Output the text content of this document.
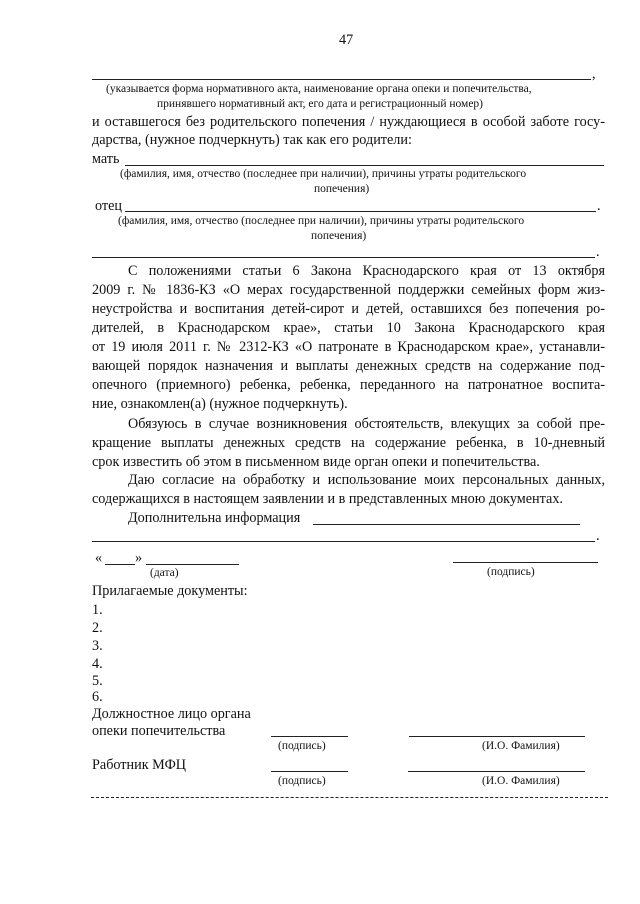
47
,
(указывается форма нормативного акта, наименование органа опеки и попечительства,
принявшего нормативный акт, его дата и регистрационный номер)
и оставшегося без родительского попечения / нуждающиеся в особой заботе госу-
дарства, (нужное подчеркнуть) так как его родители:
мать
(фамилия, имя, отчество (последнее при наличии), причины утраты родительского
попечения)
отец	.
(фамилия, имя, отчество (последнее при наличии), причины утраты родительского
попечения)
.
С положениями статьи 6 Закона Краснодарского края от 13 октября
2009 г. № 1836-КЗ «О мерах государственной поддержки семейных форм жиз-
неустройства и воспитания детей-сирот и детей, оставшихся без попечения ро-
дителей, в Краснодарском крае», статьи 10 Закона Краснодарского края
от 19 июля 2011 г. № 2312-КЗ «О патронате в Краснодарском крае», устанавли-
вающей порядок назначения и выплаты денежных средств на содержание под-
опечного (приемного) ребенка, ребенка, переданного на патронатное воспита-
ние, ознакомлен(а) (нужное подчеркнуть).
Обязуюсь в случае возникновения обстоятельств, влекущих за собой пре-
кращение выплаты денежных средств на содержание ребенка, в 10-дневный
срок известить об этом в письменном виде орган опеки и попечительства.
Даю согласие на обработку и использование моих персональных данных,
содержащихся в настоящем заявлении и в представленных мною документах.
Дополнительна информация
.
« »
(дата)	(подпись)
Прилагаемые документы:
1.
2.
3.
4.
5.
6.
Должностное лицо органа
опеки попечительства
(подпись)	(И.О. Фамилия)
Работник МФЦ
(подпись)	(И.О. Фамилия)
